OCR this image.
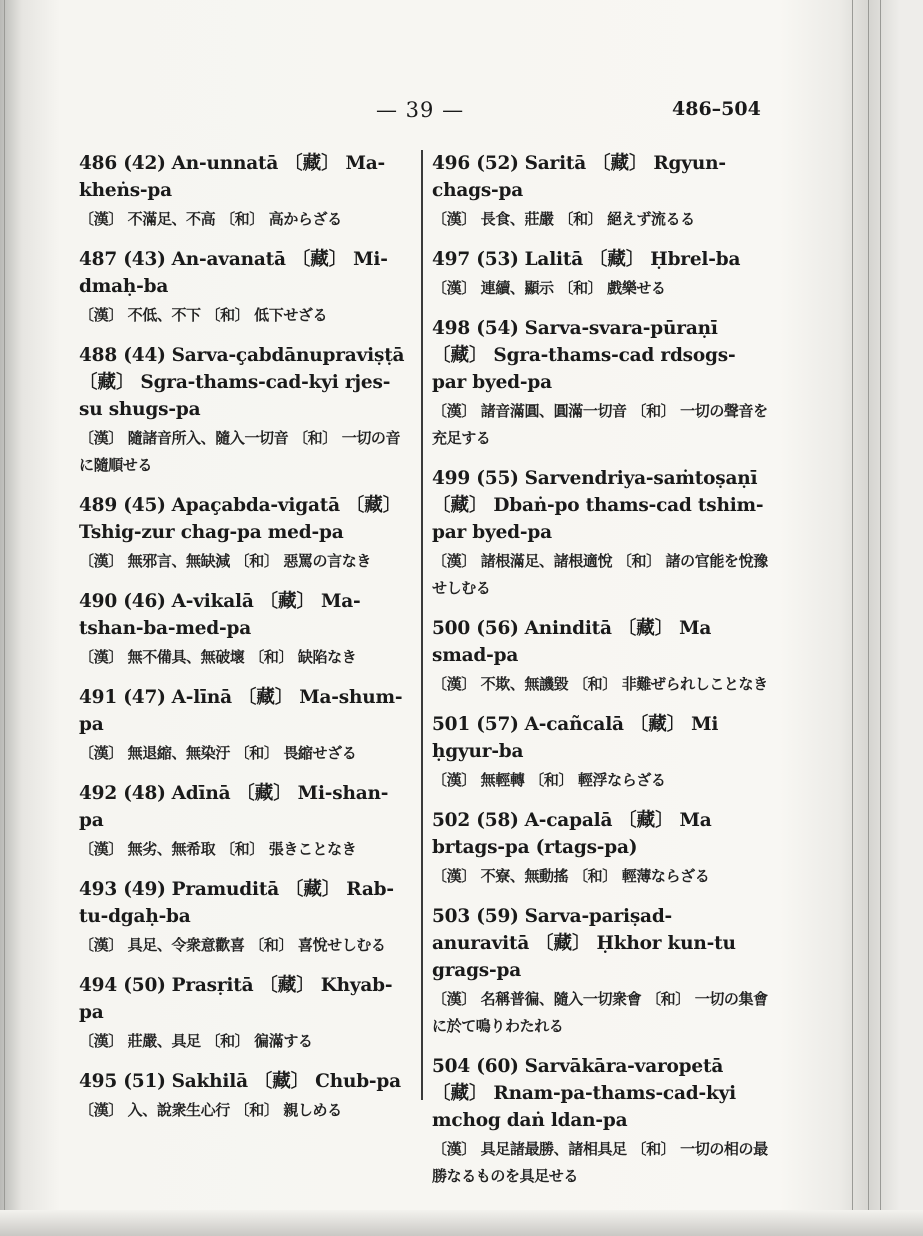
— 39 —	486–504
486 (42) An-unnatā 〔藏〕 Ma-kheṅs-pa
〔漢〕 不滿足、不高 〔和〕 高からざる
487 (43) An-avanatā 〔藏〕 Mi-dmaḥ-ba
〔漢〕 不低、不下 〔和〕 低下せざる
488 (44) Sarva-çabdānupraviṣṭā 〔藏〕 Sgra-thams-cad-kyi rjes-su shugs-pa
〔漢〕 隨諸音所入、隨入一切音 〔和〕 一切の音に隨順せる
489 (45) Apaçabda-vigatā 〔藏〕 Tshig-zur chag-pa med-pa
〔漢〕 無邪言、無缺減 〔和〕 惡罵の言なき
490 (46) A-vikalā 〔藏〕 Ma-tshan-ba-med-pa
〔漢〕 無不備具、無破壞 〔和〕 缺陷なき
491 (47) A-līnā 〔藏〕 Ma-shum-pa
〔漢〕 無退縮、無染汙 〔和〕 畏縮せざる
492 (48) Adīnā 〔藏〕 Mi-shan-pa
〔漢〕 無劣、無希取 〔和〕 張きことなき
493 (49) Pramuditā 〔藏〕 Rab-tu-dgaḥ-ba
〔漢〕 具足、令衆意歡喜 〔和〕 喜悅せしむる
494 (50) Prasṛitā 〔藏〕 Khyab-pa
〔漢〕 莊嚴、具足 〔和〕 徧滿する
495 (51) Sakhilā 〔藏〕 Chub-pa
〔漢〕 入、說衆生心行 〔和〕 親しめる
496 (52) Saritā 〔藏〕 Rgyun-chags-pa
〔漢〕 長食、莊嚴 〔和〕 絕えず流るる
497 (53) Lalitā 〔藏〕 Ḥbrel-ba
〔漢〕 連續、顯示 〔和〕 戲樂せる
498 (54) Sarva-svara-pūraṇī 〔藏〕 Sgra-thams-cad rdsogs-par byed-pa
〔漢〕 諸音滿圓、圓滿一切音 〔和〕 一切の聲音を充足する
499 (55) Sarvendriya-saṁtoṣaṇī 〔藏〕 Dbaṅ-po thams-cad tshim-par byed-pa
〔漢〕 諸根滿足、諸根適悅 〔和〕 諸の官能を悅豫せしむる
500 (56) Aninditā 〔藏〕 Ma smad-pa
〔漢〕 不欺、無譏毀 〔和〕 非難ぜられしことなき
501 (57) A-cañcalā 〔藏〕 Mi ḥgyur-ba
〔漢〕 無輕轉 〔和〕 輕浮ならざる
502 (58) A-capalā 〔藏〕 Ma brtags-pa (rtags-pa)
〔漢〕 不寮、無動搖 〔和〕 輕薄ならざる
503 (59) Sarva-pariṣad-anuravitā 〔藏〕 Ḥkhor kun-tu grags-pa
〔漢〕 名稱普徧、隨入一切衆會 〔和〕 一切の集會に於て鳴りわたれる
504 (60) Sarvākāra-varopetā 〔藏〕 Rnam-pa-thams-cad-kyi mchog daṅ ldan-pa
〔漢〕 具足諸最勝、諸相具足 〔和〕 一切の相の最勝なるものを具足せる
